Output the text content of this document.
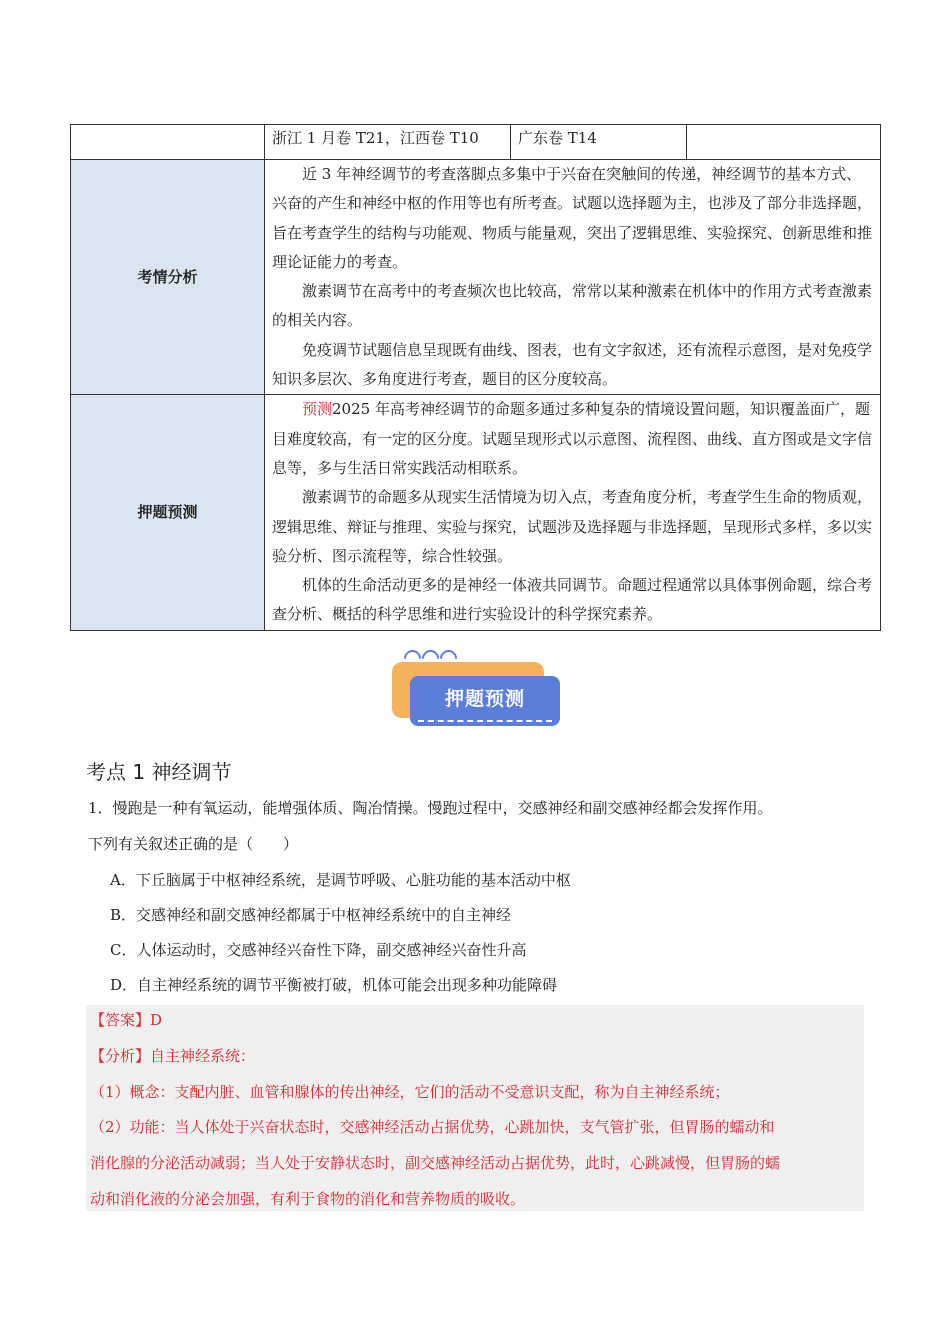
	浙江 1 月卷 T21，江西卷 T10	广东卷 T14	
考情分析	近 3 年神经调节的考查落脚点多集中于兴奋在突触间的传递，神经调节的基本方式、兴奋的产生和神经中枢的作用等也有所考查。试题以选择题为主，也涉及了部分非选择题，旨在考查学生的结构与功能观、物质与能量观，突出了逻辑思维、实验探究、创新思维和推理论证能力的考查。

激素调节在高考中的考查频次也比较高，常常以某种激素在机体中的作用方式考查激素的相关内容。

免疫调节试题信息呈现既有曲线、图表，也有文字叙述，还有流程示意图，是对免疫学知识多层次、多角度进行考查，题目的区分度较高。		

押题预测	预测2025 年高考神经调节的命题多通过多种复杂的情境设置问题，知识覆盖面广，题目难度较高，有一定的区分度。试题呈现形式以示意图、流程图、曲线、直方图或是文字信息等，多与生活日常实践活动相联系。

激素调节的命题多从现实生活情境为切入点，考查角度分析，考查学生生命的物质观，逻辑思维、辩证与推理、实验与探究，试题涉及选择题与非选择题，呈现形式多样，多以实验分析、图示流程等，综合性较强。

机体的生命活动更多的是神经一体液共同调节。命题过程通常以具体事例命题，综合考查分析、概括的科学思维和进行实验设计的科学探究素养。		

押题预测
考点 1 神经调节
1．慢跑是一种有氧运动，能增强体质、陶冶情操。慢跑过程中，交感神经和副交感神经都会发挥作用。
下列有关叙述正确的是（　　）
A．下丘脑属于中枢神经系统，是调节呼吸、心脏功能的基本活动中枢
B．交感神经和副交感神经都属于中枢神经系统中的自主神经
C．人体运动时，交感神经兴奋性下降，副交感神经兴奋性升高
D．自主神经系统的调节平衡被打破，机体可能会出现多种功能障碍
【答案】D
【分析】自主神经系统：
（1）概念：支配内脏、血管和腺体的传出神经，它们的活动不受意识支配，称为自主神经系统；
（2）功能：当人体处于兴奋状态时，交感神经活动占据优势，心跳加快，支气管扩张，但胃肠的蠕动和
消化腺的分泌活动减弱；当人处于安静状态时，副交感神经活动占据优势，此时，心跳减慢，但胃肠的蠕
动和消化液的分泌会加强，有利于食物的消化和营养物质的吸收。
